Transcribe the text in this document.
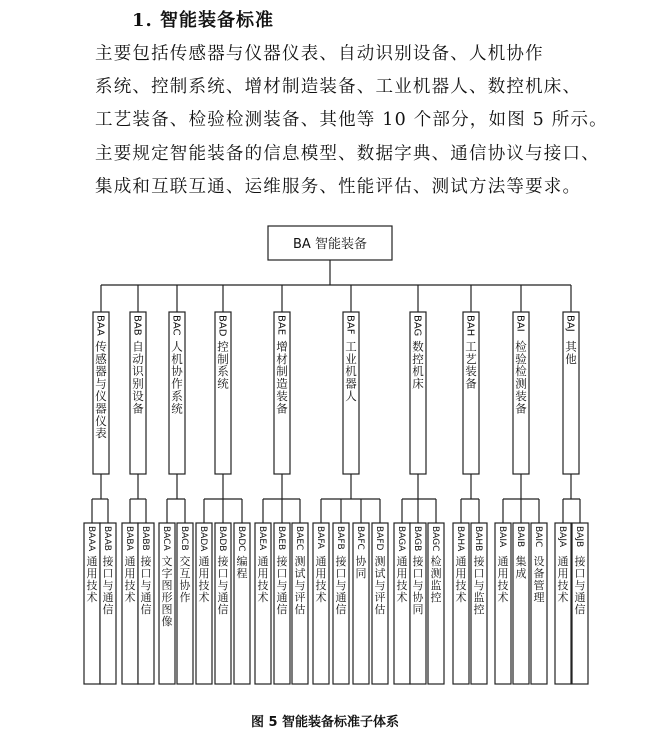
1. 智能装备标准
主要包括传感器与仪器仪表、自动识别设备、人机协作
系统、控制系统、增材制造装备、工业机器人、数控机床、
工艺装备、检验检测装备、其他等 10 个部分，如图 5 所示。
主要规定智能装备的信息模型、数据字典、通信协议与接口、
集成和互联互通、运维服务、性能评估、测试方法等要求。
BA 智能装备
BAA
传
感
器
与
仪
器
仪
表
BAAA
通
用
技
术
BAAB
接
口
与
通
信
BAB
自
动
识
别
设
备
BABA
通
用
技
术
BABB
接
口
与
通
信
BAC
人
机
协
作
系
统
BACA
文
字
图
形
图
像
BACB
交
互
协
作
BAD
控
制
系
统
BADA
通
用
技
术
BADB
接
口
与
通
信
BADC
编
程
BAE
增
材
制
造
装
备
BAEA
通
用
技
术
BAEB
接
口
与
通
信
BAEC
测
试
与
评
估
BAF
工
业
机
器
人
BAFA
通
用
技
术
BAFB
接
口
与
通
信
BAFC
协
同
BAFD
测
试
与
评
估
BAG
数
控
机
床
BAGA
通
用
技
术
BAGB
接
口
与
协
同
BAGC
检
测
监
控
BAH
工
艺
装
备
BAHA
通
用
技
术
BAHB
接
口
与
监
控
BAI
检
验
检
测
装
备
BAIA
通
用
技
术
BAIB
集
成
BAIC
设
备
管
理
BAJ
其
他
BAJA
通
用
技
术
BAJB
接
口
与
通
信
图 5 智能装备标准子体系
